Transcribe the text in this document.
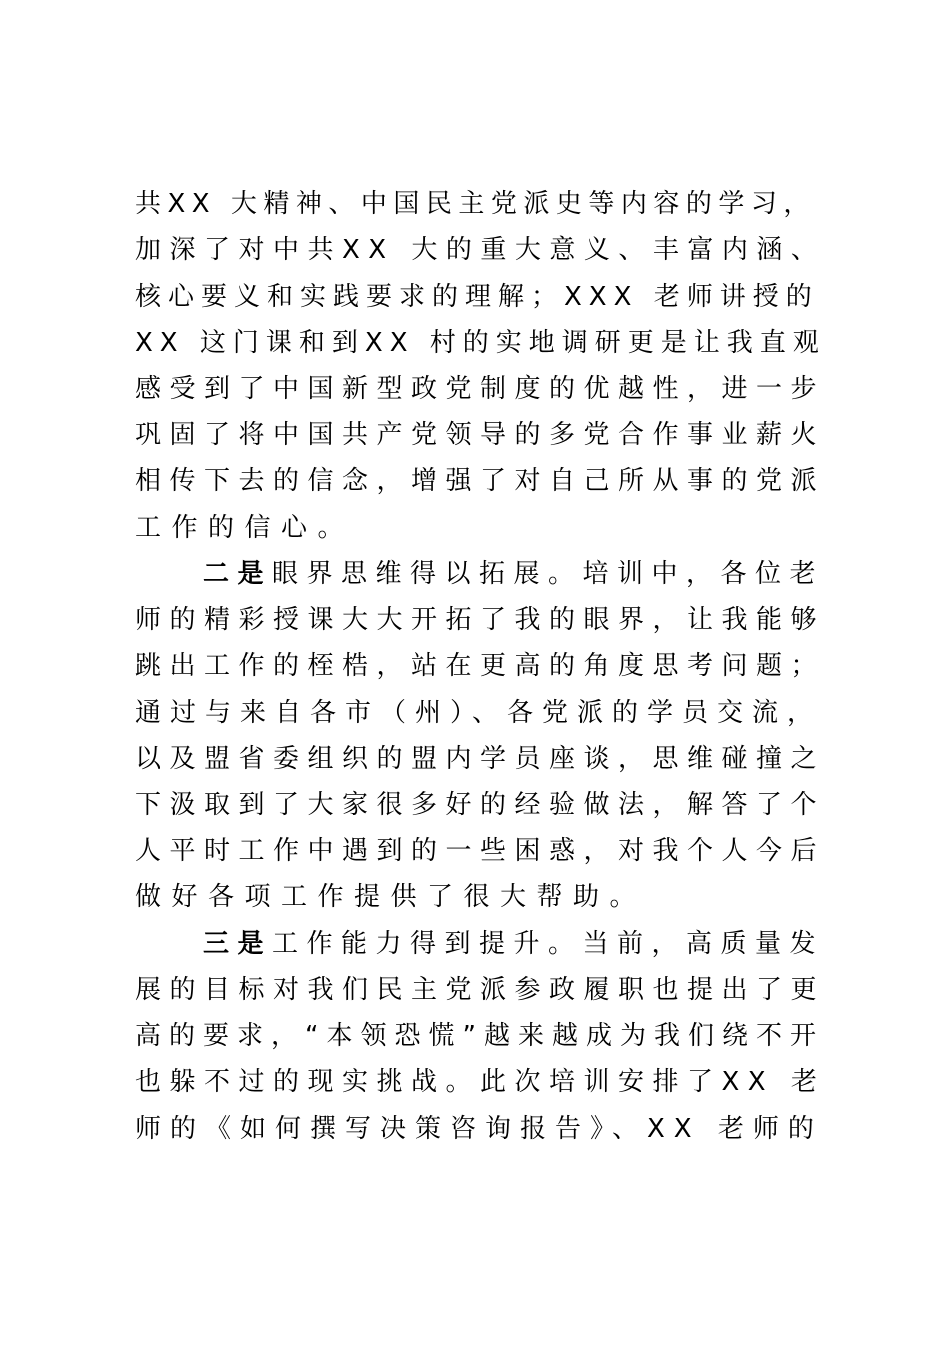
共XX 大精神、中国民主党派史等内容的学习，
加深了对中共XX 大的重大意义、丰富内涵、
核心要义和实践要求的理解；XXX 老师讲授的
XX 这门课和到XX 村的实地调研更是让我直观
感受到了中国新型政党制度的优越性，进一步
巩固了将中国共产党领导的多党合作事业薪火
相传下去的信念，增强了对自己所从事的党派
工作的信心。
二是眼界思维得以拓展。培训中，各位老
师的精彩授课大大开拓了我的眼界，让我能够
跳出工作的桎梏，站在更高的角度思考问题；
通过与来自各市（州）、各党派的学员交流，
以及盟省委组织的盟内学员座谈，思维碰撞之
下汲取到了大家很多好的经验做法，解答了个
人平时工作中遇到的一些困惑，对我个人今后
做好各项工作提供了很大帮助。
三是工作能力得到提升。当前，高质量发
展的目标对我们民主党派参政履职也提出了更
高的要求，“本领恐慌”越来越成为我们绕不开
也躲不过的现实挑战。此次培训安排了XX 老
师的《如何撰写决策咨询报告》、XX 老师的
